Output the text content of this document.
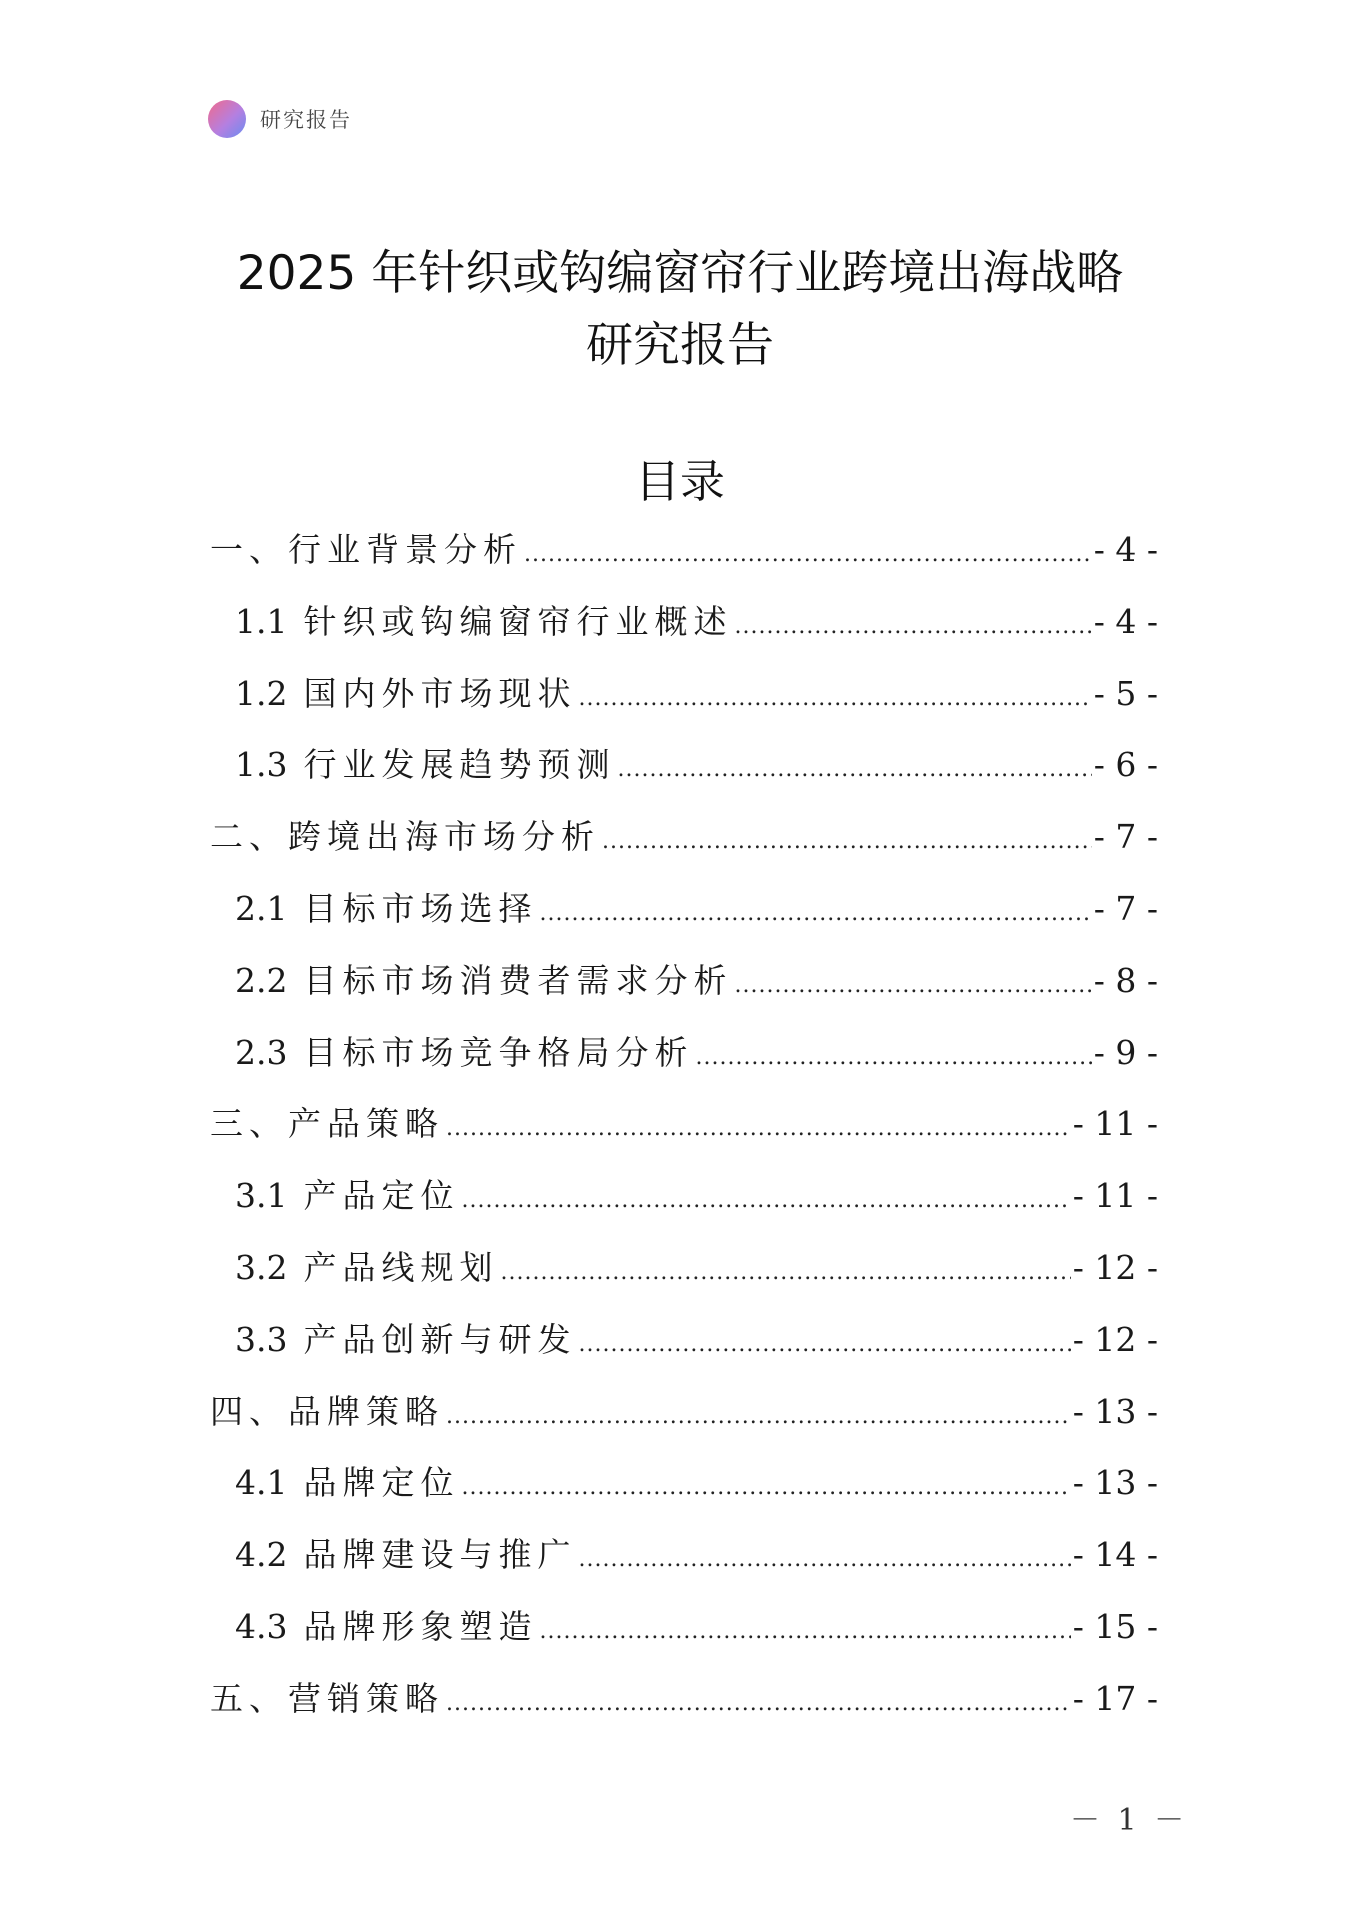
研究报告
2025 年针织或钩编窗帘行业跨境出海战略
研究报告
目录
一、行业背景分析 .....	- 4 -
1.1 针织或钩编窗帘行业概述 .....	- 4 -
1.2 国内外市场现状 .....	- 5 -
1.3 行业发展趋势预测 .....	- 6 -
二、跨境出海市场分析 .....	- 7 -
2.1 目标市场选择 .....	- 7 -
2.2 目标市场消费者需求分析 .....	- 8 -
2.3 目标市场竞争格局分析 .....	- 9 -
三、产品策略 .....	- 11 -
3.1 产品定位 .....	- 11 -
3.2 产品线规划 .....	- 12 -
3.3 产品创新与研发 .....	- 12 -
四、品牌策略 .....	- 13 -
4.1 品牌定位 .....	- 13 -
4.2 品牌建设与推广 .....	- 14 -
4.3 品牌形象塑造 .....	- 15 -
五、营销策略 .....	- 17 -
－ 1 －
